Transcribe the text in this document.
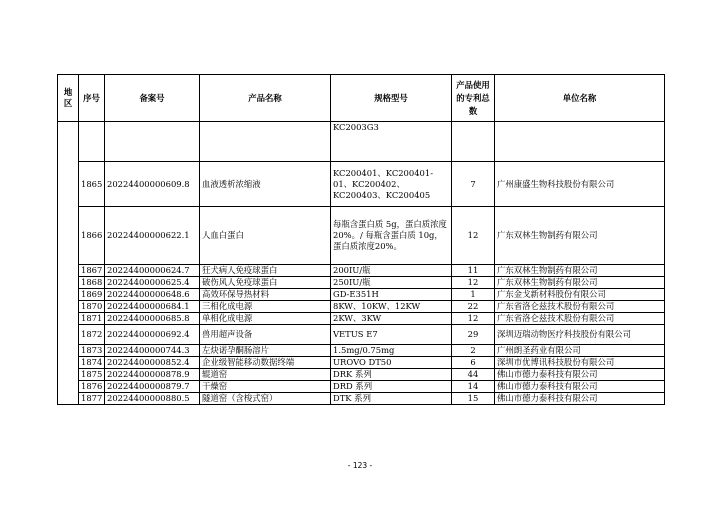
地区	序号	备案号	产品名称	规格型号	产品使用的专利总数	单位名称
				KC2003G3		
	1865	20224400000609.8	血液透析浓缩液	KC200401、KC200401-01、KC200402、KC200403、KC200405	7	广州康盛生物科技股份有限公司
	1866	20224400000622.1	人血白蛋白	每瓶含蛋白质 5g，蛋白质浓度 20%。/ 每瓶含蛋白质 10g，蛋白质浓度20%。	12	广东双林生物制药有限公司
	1867	20224400000624.7	狂犬病人免疫球蛋白	200IU/瓶	11	广东双林生物制药有限公司
	1868	20224400000625.4	破伤风人免疫球蛋白	250IU/瓶	12	广东双林生物制药有限公司
	1869	20224400000648.6	高效环保导热材料	GD-E351H	1	广东金戈新材料股份有限公司
	1870	20224400000684.1	三相化成电源	8KW、10KW、12KW	22	广东省洛仑兹技术股份有限公司
	1871	20224400000685.8	单相化成电源	2KW、3KW	12	广东省洛仑兹技术股份有限公司
	1872	20224400000692.4	兽用超声设备	VETUS E7	29	深圳迈瑞动物医疗科技股份有限公司
	1873	20224400000744.3	左炔诺孕酮肠溶片	1.5mg/0.75mg	2	广州朗圣药业有限公司
	1874	20224400000852.4	企业级智能移动数据终端	UROVO DT50	6	深圳市优博讯科技股份有限公司
	1875	20224400000878.9	辊道窑	DRK 系列	44	佛山市德力泰科技有限公司
	1876	20224400000879.7	干燥窑	DRD 系列	14	佛山市德力泰科技有限公司
	1877	20224400000880.5	隧道窑（含梭式窑）	DTK 系列	15	佛山市德力泰科技有限公司
- 123 -
